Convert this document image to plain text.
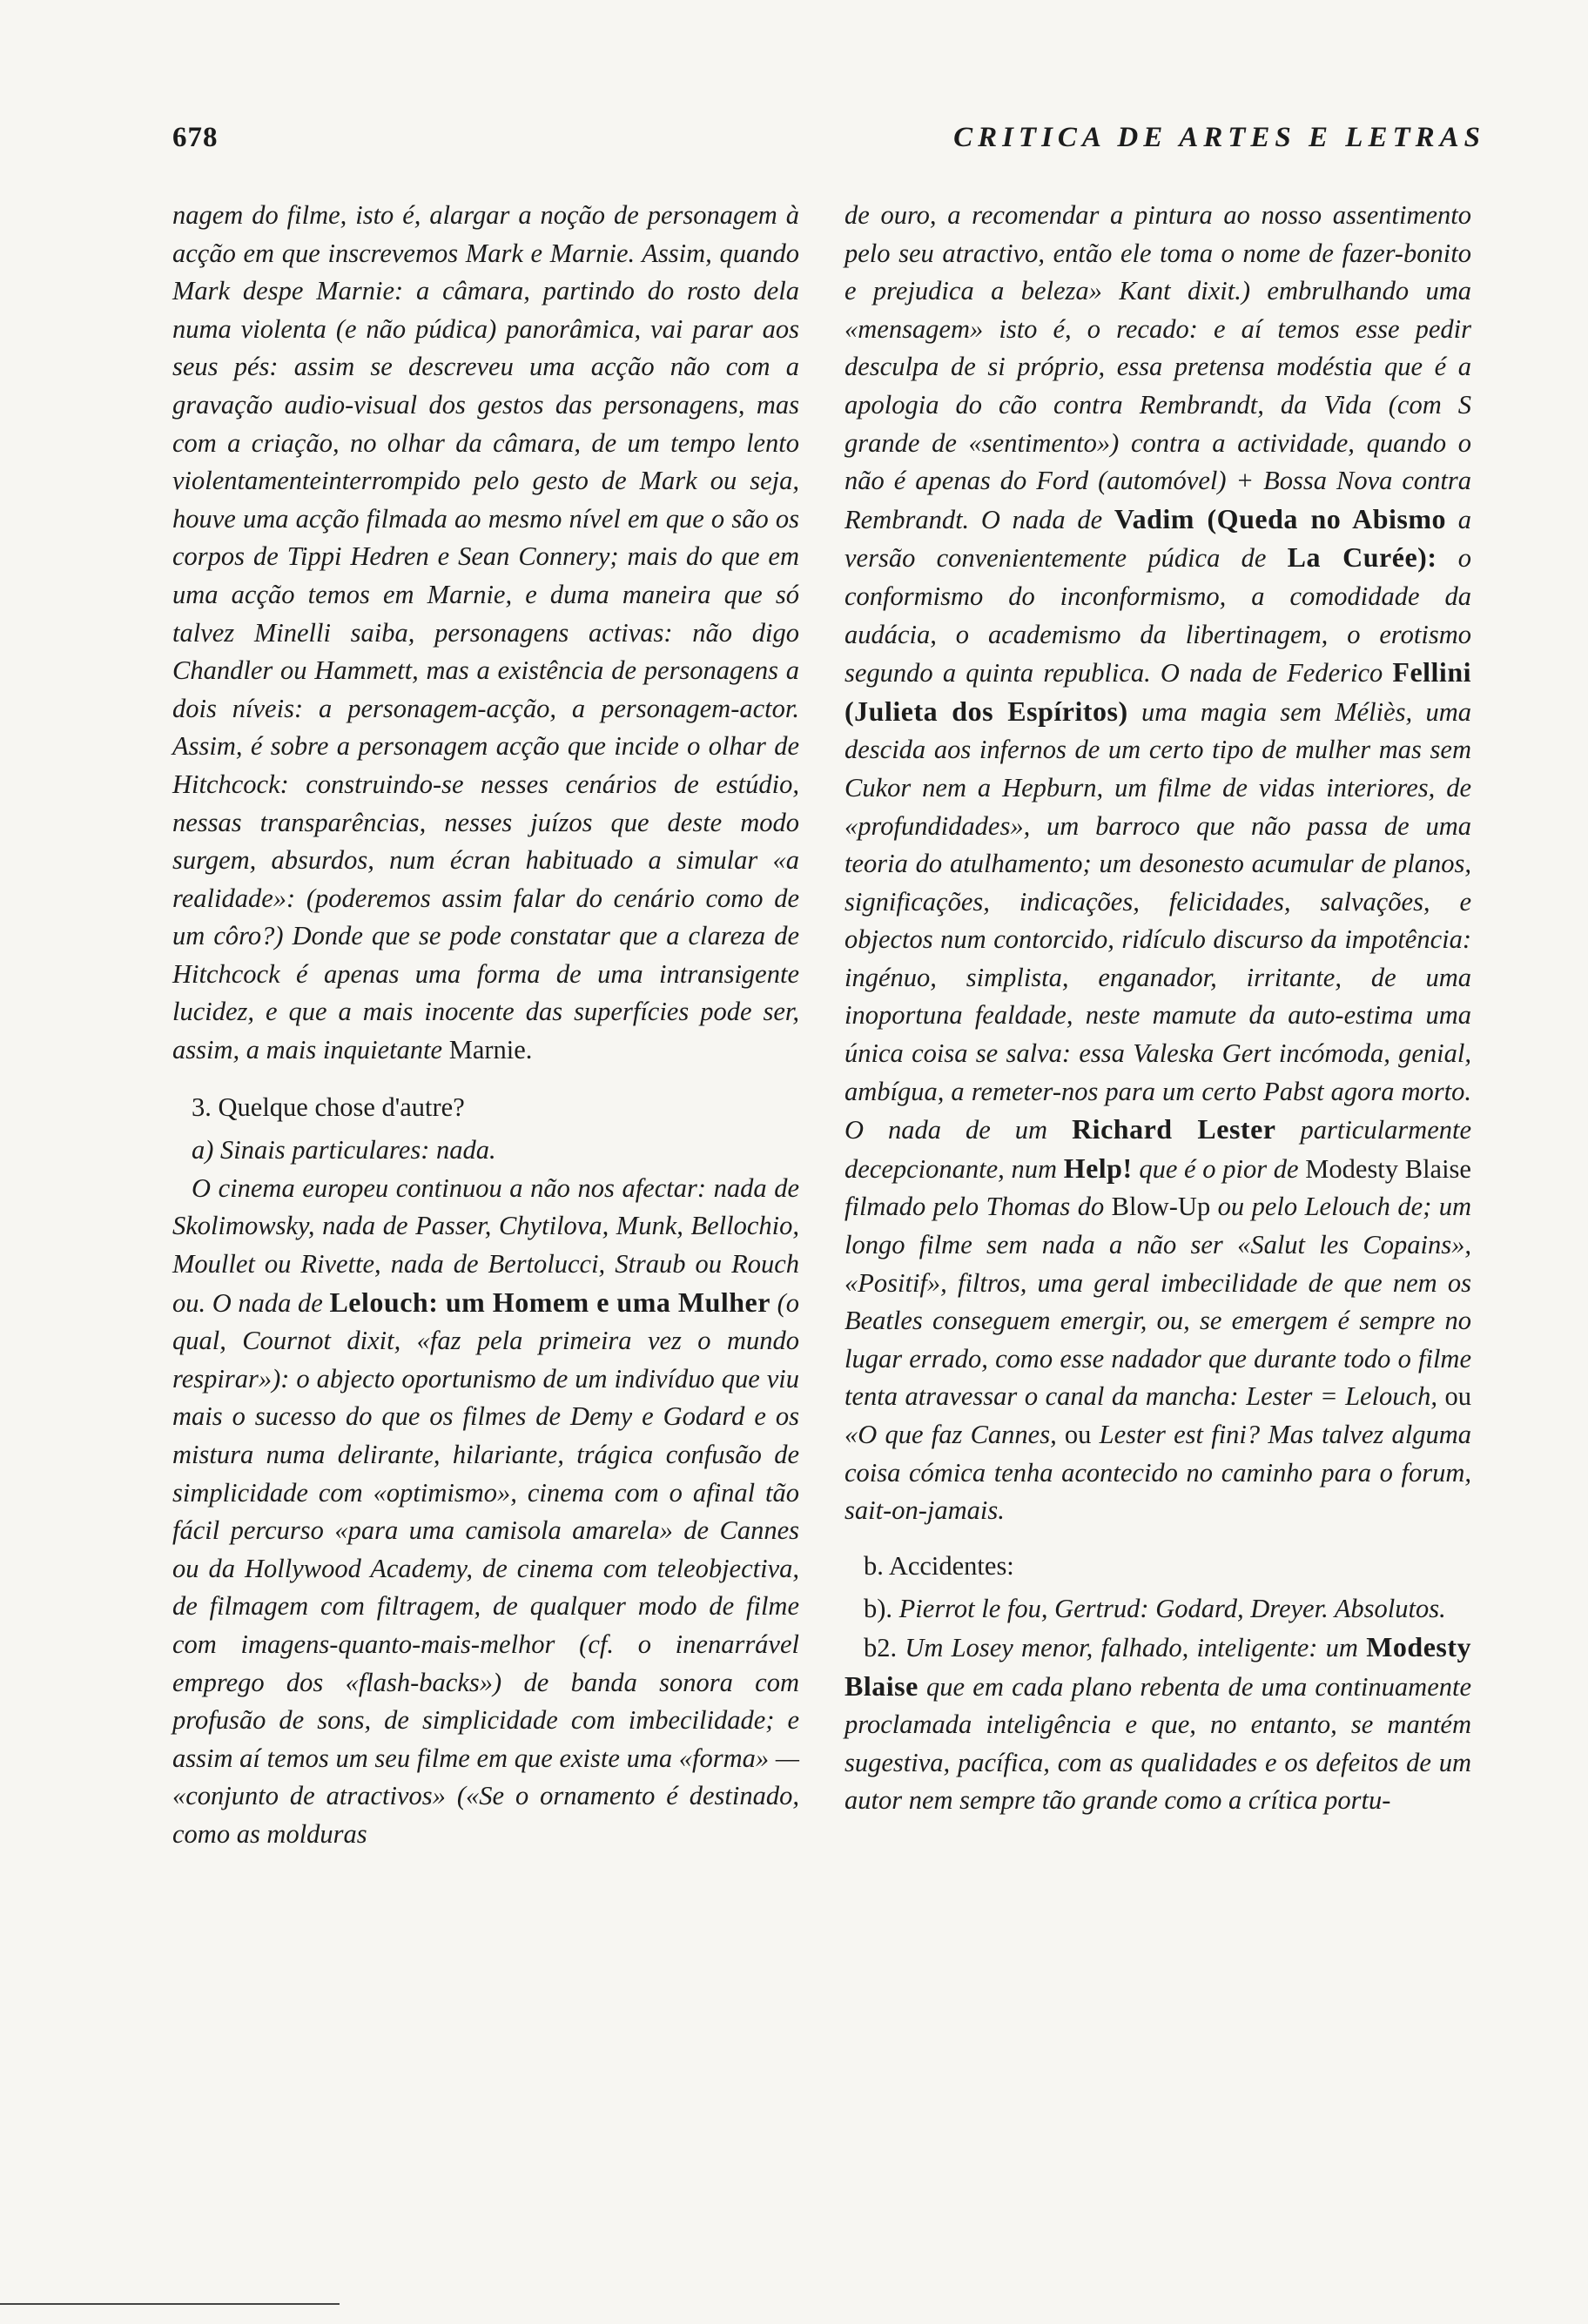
678	CRITICA DE ARTES E LETRAS

nagem do filme, isto é, alargar a noção de personagem à acção em que inscrevemos Mark e Marnie. Assim, quando Mark despe Marnie: a câmara, partindo do rosto dela numa violenta (e não púdica) panorâmica, vai parar aos seus pés: assim se descreveu uma acção não com a gravação audio-visual dos gestos das personagens, mas com a criação, no olhar da câmara, de um tempo lento violentamenteinterrompido pelo gesto de Mark ou seja, houve uma acção filmada ao mesmo nível em que o são os corpos de Tippi Hedren e Sean Connery; mais do que em uma acção temos em Marnie, e duma maneira que só talvez Minelli saiba, personagens activas: não digo Chandler ou Hammett, mas a existência de personagens a dois níveis: a personagem-acção, a personagem-actor. Assim, é sobre a personagem acção que incide o olhar de Hitchcock: construindo-se nesses cenários de estúdio, nessas transparências, nesses juízos que deste modo surgem, absurdos, num écran habituado a simular «a realidade»: (poderemos assim falar do cenário como de um côro?) Donde que se pode constatar que a clareza de Hitchcock é apenas uma forma de uma intransigente lucidez, e que a mais inocente das superfícies pode ser, assim, a mais inquietante Marnie.

3. Quelque chose d'autre?

a) Sinais particulares: nada.

O cinema europeu continuou a não nos afectar: nada de Skolimowsky, nada de Passer, Chytilova, Munk, Bellochio, Moullet ou Rivette, nada de Bertolucci, Straub ou Rouch ou. O nada de Lelouch: um Homem e uma Mulher (o qual, Cournot dixit, «faz pela primeira vez o mundo respirar»): o abjecto oportunismo de um indivíduo que viu mais o sucesso do que os filmes de Demy e Godard e os mistura numa delirante, hilariante, trágica confusão de simplicidade com «optimismo», cinema com o afinal tão fácil percurso «para uma camisola amarela» de Cannes ou da Hollywood Academy, de cinema com teleobjectiva, de filmagem com filtragem, de qualquer modo de filme com imagens-quanto-mais-melhor (cf. o inenarrável emprego dos «flash-backs») de banda sonora com profusão de sons, de simplicidade com imbecilidade; e assim aí temos um seu filme em que existe uma «forma» — «conjunto de atractivos» («Se o ornamento é destinado, como as molduras

de ouro, a recomendar a pintura ao nosso assentimento pelo seu atractivo, então ele toma o nome de fazer-bonito e prejudica a beleza» Kant dixit.) embrulhando uma «mensagem» isto é, o recado: e aí temos esse pedir desculpa de si próprio, essa pretensa modéstia que é a apologia do cão contra Rembrandt, da Vida (com S grande de «sentimento») contra a actividade, quando o não é apenas do Ford (automóvel) + Bossa Nova contra Rembrandt. O nada de Vadim (Queda no Abismo a versão convenientemente púdica de La Curée): o conformismo do inconformismo, a comodidade da audácia, o academismo da libertinagem, o erotismo segundo a quinta republica. O nada de Federico Fellini (Julieta dos Espíritos) uma magia sem Méliès, uma descida aos infernos de um certo tipo de mulher mas sem Cukor nem a Hepburn, um filme de vidas interiores, de «profundidades», um barroco que não passa de uma teoria do atulhamento; um desonesto acumular de planos, significações, indicações, felicidades, salvações, e objectos num contorcido, ridículo discurso da impotência: ingénuo, simplista, enganador, irritante, de uma inoportuna fealdade, neste mamute da auto-estima uma única coisa se salva: essa Valeska Gert incómoda, genial, ambígua, a remeter-nos para um certo Pabst agora morto. O nada de um Richard Lester particularmente decepcionante, num Help! que é o pior de Modesty Blaise filmado pelo Thomas do Blow-Up ou pelo Lelouch de; um longo filme sem nada a não ser «Salut les Copains», «Positif», filtros, uma geral imbecilidade de que nem os Beatles conseguem emergir, ou, se emergem é sempre no lugar errado, como esse nadador que durante todo o filme tenta atravessar o canal da mancha: Lester = Lelouch, ou «O que faz Cannes, ou Lester est fini? Mas talvez alguma coisa cómica tenha acontecido no caminho para o forum, sait-on-jamais.

b. Accidentes:

b). Pierrot le fou, Gertrud: Godard, Dreyer. Absolutos.

b2. Um Losey menor, falhado, inteligente: um Modesty Blaise que em cada plano rebenta de uma continuamente proclamada inteligência e que, no entanto, se mantém sugestiva, pacífica, com as qualidades e os defeitos de um autor nem sempre tão grande como a crítica portu-
